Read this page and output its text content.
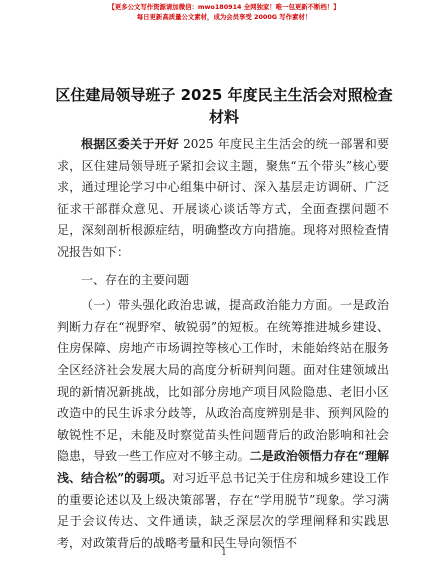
【更多公文写作资源请加微信：mwo180914 全网独家！唯一包更新不断档！】
每日更新高质量公文素材，成为会员享受 2000G 写作素材！
区住建局领导班子 2025 年度民主生活会对照检查材料

根据区委关于开好 2025 年度民主生活会的统一部署和要求，区住建局领导班子紧扣会议主题，聚焦“五个带头”核心要求，通过理论学习中心组集中研讨、深入基层走访调研、广泛征求干部群众意见、开展谈心谈话等方式，全面查摆问题不足，深刻剖析根源症结，明确整改方向措施。现将对照检查情况报告如下：

一、存在的主要问题

（一）带头强化政治忠诚，提高政治能力方面。一是政治判断力存在“视野窄、敏锐弱”的短板。在统筹推进城乡建设、住房保障、房地产市场调控等核心工作时，未能始终站在服务全区经济社会发展大局的高度分析研判问题。面对住建领域出现的新情况新挑战，比如部分房地产项目风险隐患、老旧小区改造中的民生诉求分歧等，从政治高度辨别是非、预判风险的敏锐性不足，未能及时察觉苗头性问题背后的政治影响和社会隐患，导致一些工作应对不够主动。二是政治领悟力存在“理解浅、结合松”的弱项。对习近平总书记关于住房和城乡建设工作的重要论述以及上级决策部署，存在“学用脱节”现象。学习满足于会议传达、文件通读，缺乏深层次的学理阐释和实践思考，对政策背后的战略考量和民生导向领悟不

1
